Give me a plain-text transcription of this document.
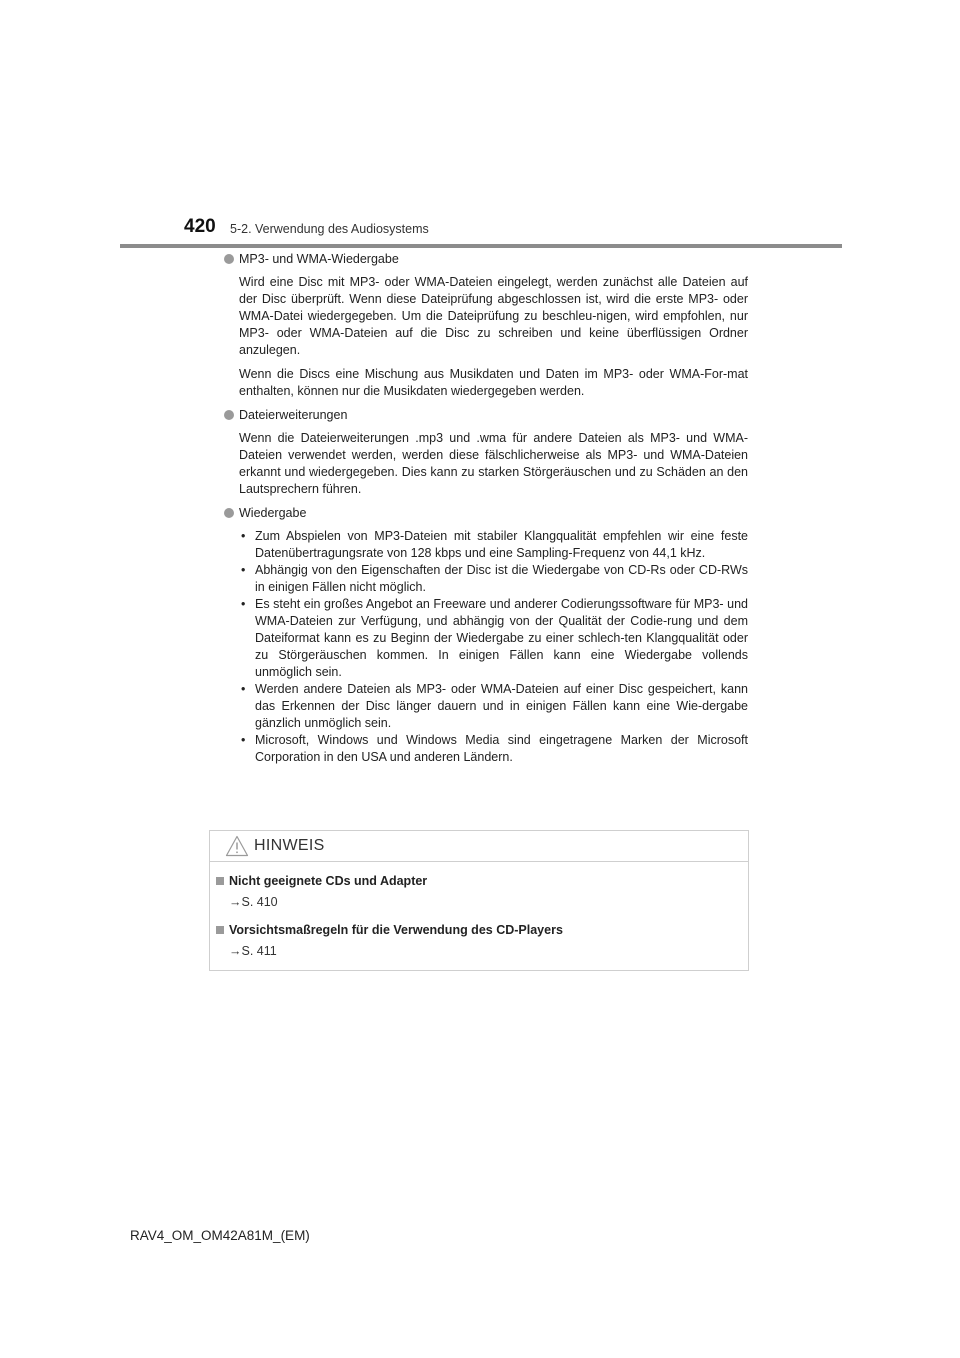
420 5-2. Verwendung des Audiosystems

MP3- und WMA-Wiedergabe

Wird eine Disc mit MP3- oder WMA-Dateien eingelegt, werden zunächst alle Dateien auf der Disc überprüft. Wenn diese Dateiprüfung abgeschlossen ist, wird die erste MP3- oder WMA-Datei wiedergegeben. Um die Dateiprüfung zu beschleu-nigen, wird empfohlen, nur MP3- oder WMA-Dateien auf die Disc zu schreiben und keine überflüssigen Ordner anzulegen.

Wenn die Discs eine Mischung aus Musikdaten und Daten im MP3- oder WMA-For-mat enthalten, können nur die Musikdaten wiedergegeben werden.

Dateierweiterungen

Wenn die Dateierweiterungen .mp3 und .wma für andere Dateien als MP3- und WMA-Dateien verwendet werden, werden diese fälschlicherweise als MP3- und WMA-Dateien erkannt und wiedergegeben. Dies kann zu starken Störgeräuschen und zu Schäden an den Lautsprechern führen.

Wiedergabe

• Zum Abspielen von MP3-Dateien mit stabiler Klangqualität empfehlen wir eine feste Datenübertragungsrate von 128 kbps und eine Sampling-Frequenz von 44,1 kHz.
• Abhängig von den Eigenschaften der Disc ist die Wiedergabe von CD-Rs oder CD-RWs in einigen Fällen nicht möglich.
• Es steht ein großes Angebot an Freeware und anderer Codierungssoftware für MP3- und WMA-Dateien zur Verfügung, und abhängig von der Qualität der Codie-rung und dem Dateiformat kann es zu Beginn der Wiedergabe zu einer schlech-ten Klangqualität oder zu Störgeräuschen kommen. In einigen Fällen kann eine Wiedergabe vollends unmöglich sein.
• Werden andere Dateien als MP3- oder WMA-Dateien auf einer Disc gespeichert, kann das Erkennen der Disc länger dauern und in einigen Fällen kann eine Wie-dergabe gänzlich unmöglich sein.
• Microsoft, Windows und Windows Media sind eingetragene Marken der Microsoft Corporation in den USA und anderen Ländern.
HINWEIS

Nicht geeignete CDs und Adapter

→S. 410

Vorsichtsmaßregeln für die Verwendung des CD-Players

→S. 411

RAV4_OM_OM42A81M_(EM)
